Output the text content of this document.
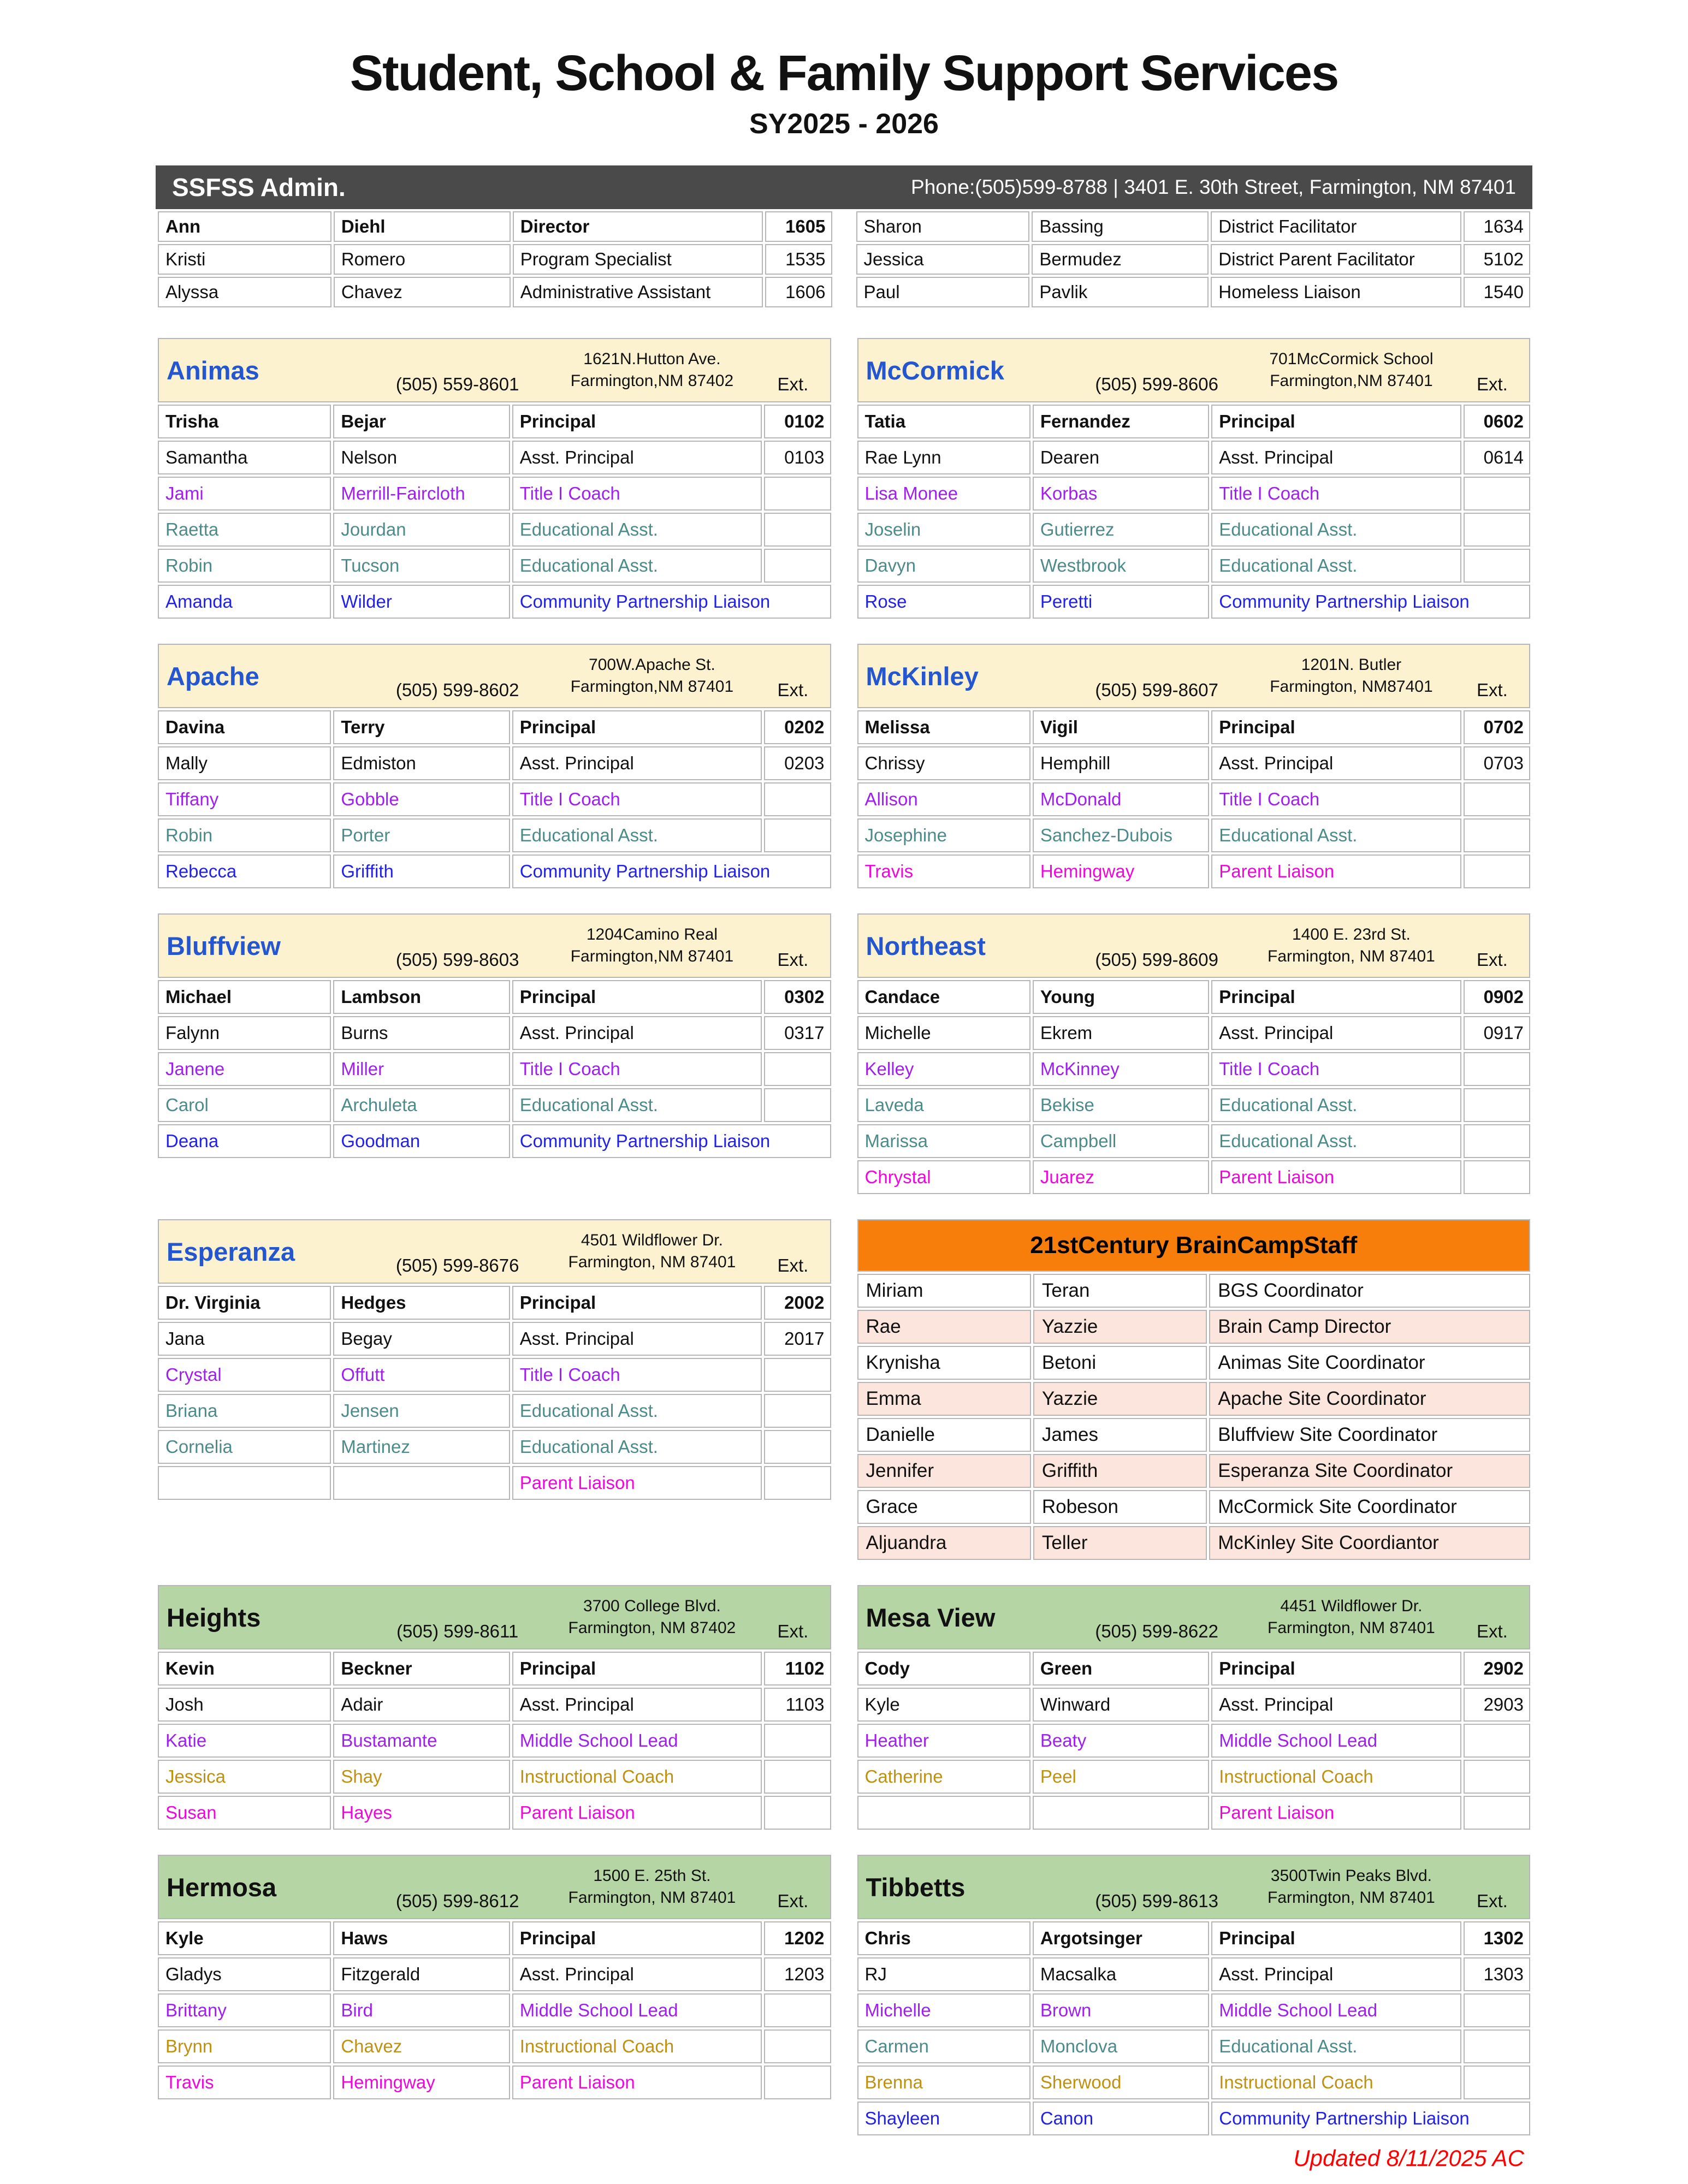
Student, School & Family Support Services
SY2025 - 2026
SSFSS Admin.	Phone:(505)599-8788 | 3401 E. 30th Street, Farmington, NM 87401
Ann	Diehl	Director	1605
Kristi	Romero	Program Specialist	1535
Alyssa	Chavez	Administrative Assistant	1606
Sharon	Bassing	District Facilitator	1634
Jessica	Bermudez	District Parent Facilitator	5102
Paul	Pavlik	Homeless Liaison	1540
Animas (505) 559-8601
1621N.Hutton Ave.
Farmington,NM 87402 Ext.			

Trisha	Bejar	Principal	0102
Samantha	Nelson	Asst. Principal	0103
Jami	Merrill-Faircloth	Title I Coach	
Raetta	Jourdan	Educational Asst.	
Robin	Tucson	Educational Asst.	
Amanda	Wilder	Community Partnership Liaison	
McCormick (505) 599-8606
701McCormick School
Farmington,NM 87401 Ext.			

Tatia	Fernandez	Principal	0602
Rae Lynn	Dearen	Asst. Principal	0614
Lisa Monee	Korbas	Title I Coach	
Joselin	Gutierrez	Educational Asst.	
Davyn	Westbrook	Educational Asst.	
Rose	Peretti	Community Partnership Liaison	
Apache (505) 599-8602
700W.Apache St.
Farmington,NM 87401 Ext.			

Davina	Terry	Principal	0202
Mally	Edmiston	Asst. Principal	0203
Tiffany	Gobble	Title I Coach	
Robin	Porter	Educational Asst.	
Rebecca	Griffith	Community Partnership Liaison	
McKinley (505) 599-8607
1201N. Butler
Farmington, NM87401 Ext.			

Melissa	Vigil	Principal	0702
Chrissy	Hemphill	Asst. Principal	0703
Allison	McDonald	Title I Coach	
Josephine	Sanchez-Dubois	Educational Asst.	
Travis	Hemingway	Parent Liaison	
Bluffview (505) 599-8603
1204Camino Real
Farmington,NM 87401 Ext.			

Michael	Lambson	Principal	0302
Falynn	Burns	Asst. Principal	0317
Janene	Miller	Title I Coach	
Carol	Archuleta	Educational Asst.	
Deana	Goodman	Community Partnership Liaison	
Northeast (505) 599-8609
1400 E. 23rd St.
Farmington, NM 87401 Ext.			

Candace	Young	Principal	0902
Michelle	Ekrem	Asst. Principal	0917
Kelley	McKinney	Title I Coach	
Laveda	Bekise	Educational Asst.	
Marissa	Campbell	Educational Asst.	
Chrystal	Juarez	Parent Liaison	
Esperanza (505) 599-8676
4501 Wildflower Dr.
Farmington, NM 87401 Ext.			

Dr. Virginia	Hedges	Principal	2002
Jana	Begay	Asst. Principal	2017
Crystal	Offutt	Title I Coach	
Briana	Jensen	Educational Asst.	
Cornelia	Martinez	Educational Asst.	
		Parent Liaison	
21stCentury BrainCampStaff		
Miriam	Teran	BGS Coordinator
Rae	Yazzie	Brain Camp Director
Krynisha	Betoni	Animas Site Coordinator
Emma	Yazzie	Apache Site Coordinator
Danielle	James	Bluffview Site Coordinator
Jennifer	Griffith	Esperanza Site Coordinator
Grace	Robeson	McCormick Site Coordinator
Aljuandra	Teller	McKinley Site Coordiantor
Heights (505) 599-8611
3700 College Blvd.
Farmington, NM 87402 Ext.			

Kevin	Beckner	Principal	1102
Josh	Adair	Asst. Principal	1103
Katie	Bustamante	Middle School Lead	
Jessica	Shay	Instructional Coach	
Susan	Hayes	Parent Liaison	
Mesa View (505) 599-8622
4451 Wildflower Dr.
Farmington, NM 87401 Ext.			

Cody	Green	Principal	2902
Kyle	Winward	Asst. Principal	2903
Heather	Beaty	Middle School Lead	
Catherine	Peel	Instructional Coach	
		Parent Liaison	
Hermosa (505) 599-8612
1500 E. 25th St.
Farmington, NM 87401 Ext.			

Kyle	Haws	Principal	1202
Gladys	Fitzgerald	Asst. Principal	1203
Brittany	Bird	Middle School Lead	
Brynn	Chavez	Instructional Coach	
Travis	Hemingway	Parent Liaison	
Tibbetts (505) 599-8613
3500Twin Peaks Blvd.
Farmington, NM 87401 Ext.			

Chris	Argotsinger	Principal	1302
RJ	Macsalka	Asst. Principal	1303
Michelle	Brown	Middle School Lead	
Carmen	Monclova	Educational Asst.	
Brenna	Sherwood	Instructional Coach	
Shayleen	Canon	Community Partnership Liaison	
Updated 8/11/2025 AC
